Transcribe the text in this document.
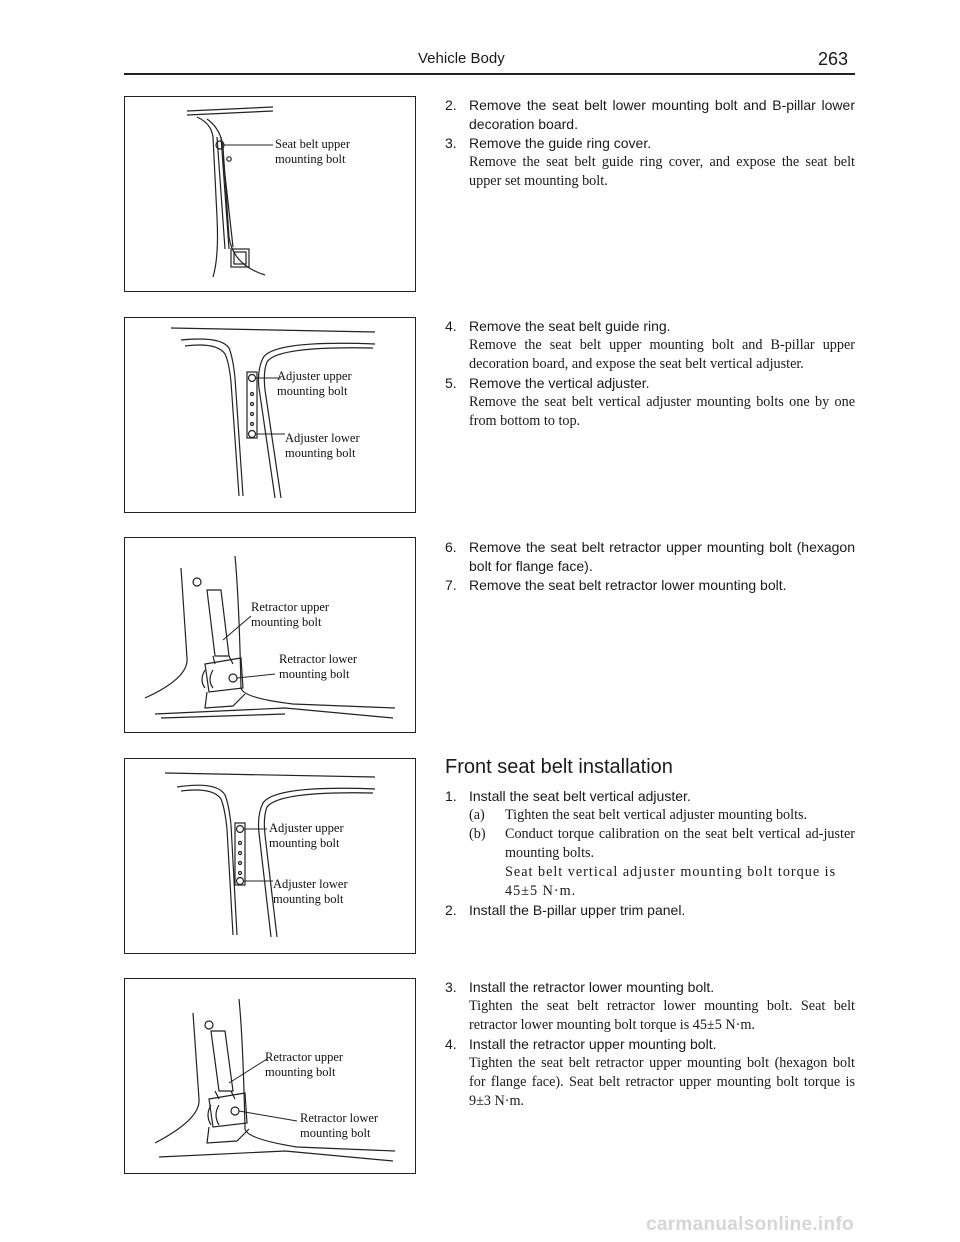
Vehicle Body	263
Seat belt upper
mounting bolt
Adjuster upper
mounting bolt
Adjuster lower
mounting bolt
Retractor upper
mounting bolt
Retractor lower
mounting bolt
Adjuster upper
mounting bolt
Adjuster lower
mounting bolt
Retractor upper
mounting bolt
Retractor lower
mounting bolt
2. Remove the seat belt lower mounting bolt and B-pillar lower decoration board.
3. Remove the guide ring cover.
Remove the seat belt guide ring cover, and expose the seat belt upper set mounting bolt.
4. Remove the seat belt guide ring.
Remove the seat belt upper mounting bolt and B-pillar upper decoration board, and expose the seat belt vertical adjuster.
5. Remove the vertical adjuster.
Remove the seat belt vertical adjuster mounting bolts one by one from bottom to top.
6. Remove the seat belt retractor upper mounting bolt (hexagon bolt for flange face).
7. Remove the seat belt retractor lower mounting bolt.
Front seat belt installation
1. Install the seat belt vertical adjuster.
(a) Tighten the seat belt vertical adjuster mounting bolts.
(b) Conduct torque calibration on the seat belt vertical ad-juster mounting bolts.
Seat belt vertical adjuster mounting bolt torque is 45±5 N·m.
2. Install the B-pillar upper trim panel.
3. Install the retractor lower mounting bolt.
Tighten the seat belt retractor lower mounting bolt. Seat belt retractor lower mounting bolt torque is 45±5 N·m.
4. Install the retractor upper mounting bolt.
Tighten the seat belt retractor upper mounting bolt (hexagon bolt for flange face). Seat belt retractor upper mounting bolt torque is 9±3 N·m.
carmanualsonline.info
